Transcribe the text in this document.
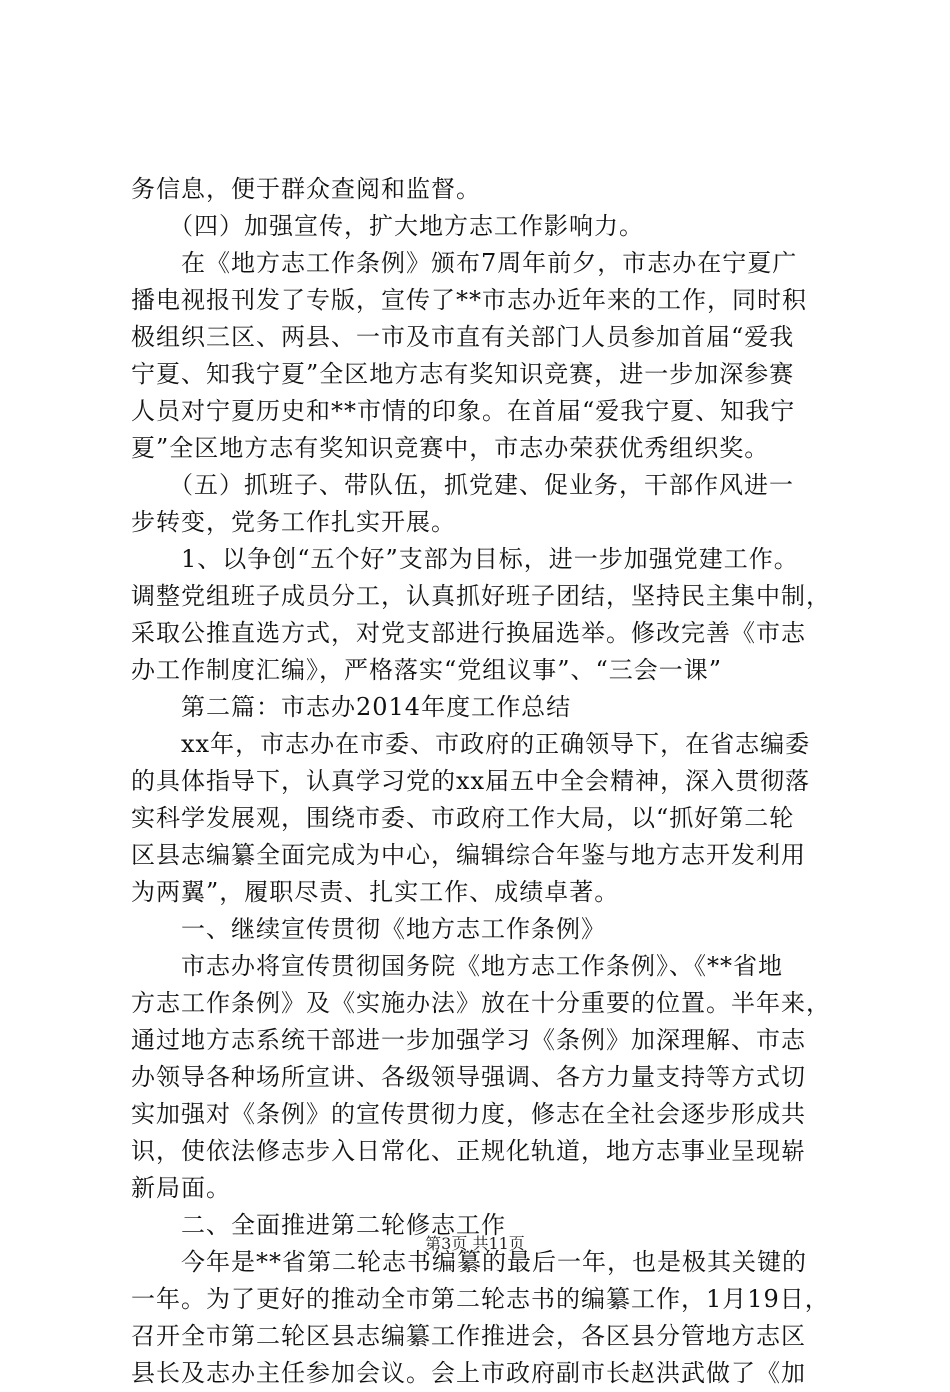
务信息，便于群众查阅和监督。
　　（四）加强宣传，扩大地方志工作影响力。
　　在《地方志工作条例》颁布7周年前夕，市志办在宁夏广
播电视报刊发了专版，宣传了**市志办近年来的工作，同时积
极组织三区、两县、一市及市直有关部门人员参加首届“爱我
宁夏、知我宁夏”全区地方志有奖知识竞赛，进一步加深参赛
人员对宁夏历史和**市情的印象。在首届“爱我宁夏、知我宁
夏”全区地方志有奖知识竞赛中，市志办荣获优秀组织奖。
　　（五）抓班子、带队伍，抓党建、促业务，干部作风进一
步转变，党务工作扎实开展。
　　1、以争创“五个好”支部为目标，进一步加强党建工作。
调整党组班子成员分工，认真抓好班子团结，坚持民主集中制，
采取公推直选方式，对党支部进行换届选举。修改完善《市志
办工作制度汇编》，严格落实“党组议事”、“三会一课”
　　第二篇：市志办2014年度工作总结
　　xx年，市志办在市委、市政府的正确领导下，在省志编委
的具体指导下，认真学习党的xx届五中全会精神，深入贯彻落
实科学发展观，围绕市委、市政府工作大局，以“抓好第二轮
区县志编纂全面完成为中心，编辑综合年鉴与地方志开发利用
为两翼”，履职尽责、扎实工作、成绩卓著。
　　一、继续宣传贯彻《地方志工作条例》
　　市志办将宣传贯彻国务院《地方志工作条例》、《**省地
方志工作条例》及《实施办法》放在十分重要的位置。半年来，
通过地方志系统干部进一步加强学习《条例》加深理解、市志
办领导各种场所宣讲、各级领导强调、各方力量支持等方式切
实加强对《条例》的宣传贯彻力度，修志在全社会逐步形成共
识，使依法修志步入日常化、正规化轨道，地方志事业呈现崭
新局面。
　　二、全面推进第二轮修志工作
　　今年是**省第二轮志书编纂的最后一年，也是极其关键的
一年。为了更好的推动全市第二轮志书的编纂工作，1月19日，
召开全市第二轮区县志编纂工作推进会，各区县分管地方志区
县长及志办主任参加会议。会上市政府副市长赵洪武做了《加
第3页 共11页
